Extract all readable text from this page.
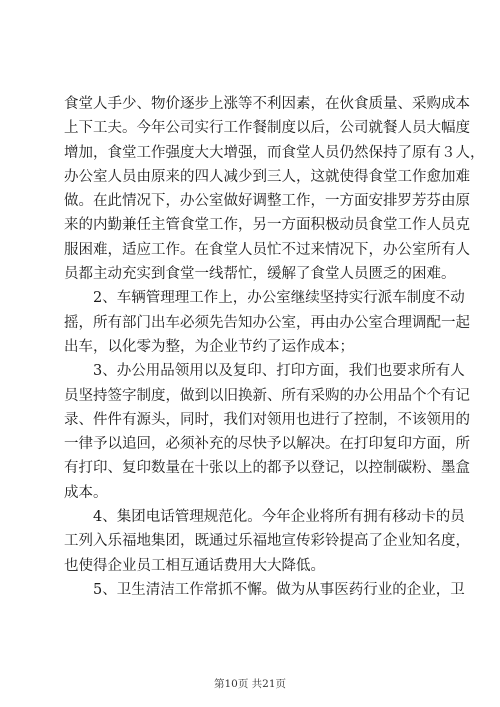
食堂人手少、物价逐步上涨等不利因素，在伙食质量、采购成本
上下工夫。今年公司实行工作餐制度以后，公司就餐人员大幅度
增加，食堂工作强度大大增强，而食堂人员仍然保持了原有３人，
办公室人员由原来的四人减少到三人，这就使得食堂工作愈加难
做。在此情况下，办公室做好调整工作，一方面安排罗芳芬由原
来的内勤兼任主管食堂工作，另一方面积极动员食堂工作人员克
服困难，适应工作。在食堂人员忙不过来情况下，办公室所有人
员都主动充实到食堂一线帮忙，缓解了食堂人员匮乏的困难。
2、车辆管理理工作上，办公室继续坚持实行派车制度不动
摇，所有部门出车必须先告知办公室，再由办公室合理调配一起
出车，以化零为整，为企业节约了运作成本；
3、办公用品领用以及复印、打印方面，我们也要求所有人
员坚持签字制度，做到以旧换新、所有采购的办公用品个个有记
录、件件有源头，同时，我们对领用也进行了控制，不该领用的
一律予以追回，必须补充的尽快予以解决。在打印复印方面，所
有打印、复印数量在十张以上的都予以登记，以控制碳粉、墨盒
成本。
4、集团电话管理规范化。今年企业将所有拥有移动卡的员
工列入乐福地集团，既通过乐福地宣传彩铃提高了企业知名度，
也使得企业员工相互通话费用大大降低。
5、卫生清洁工作常抓不懈。做为从事医药行业的企业，卫
第10页 共21页
